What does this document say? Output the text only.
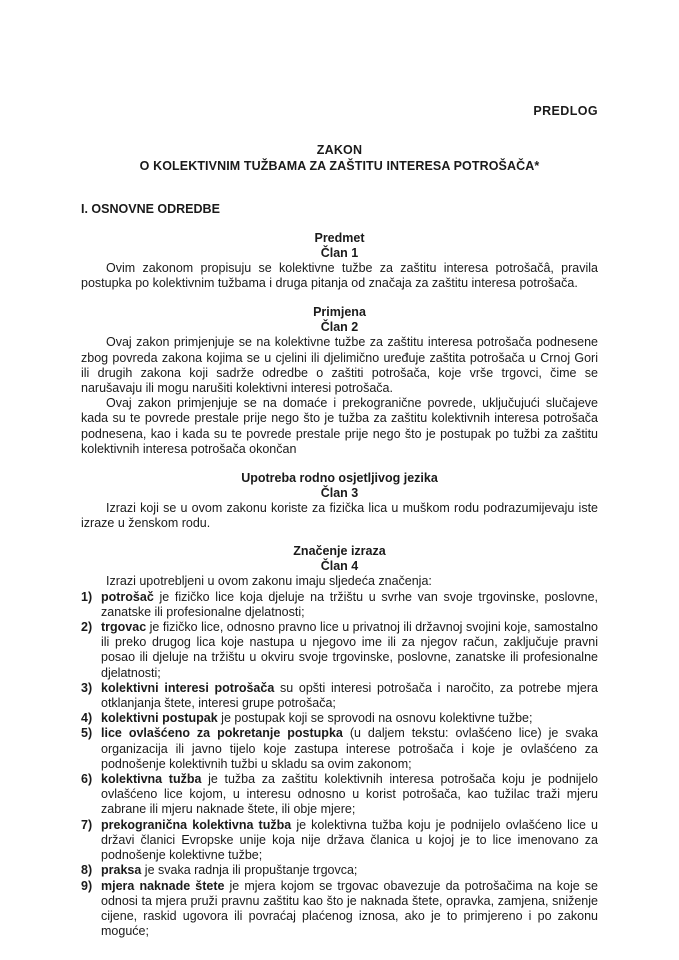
PREDLOG
ZAKON
O KOLEKTIVNIM TUŽBAMA ZA ZAŠTITU INTERESA POTROŠAČA*
I. OSNOVNE ODREDBE
Predmet
Član 1

Ovim zakonom propisuju se kolektivne tužbe za zaštitu interesa potrošačâ, pravila postupka po kolektivnim tužbama i druga pitanja od značaja za zaštitu interesa potrošača.

Primjena
Član 2

Ovaj zakon primjenjuje se na kolektivne tužbe za zaštitu interesa potrošača podnesene zbog povreda zakona kojima se u cjelini ili djelimično uređuje zaštita potrošača u Crnoj Gori ili drugih zakona koji sadrže odredbe o zaštiti potrošača, koje vrše trgovci, čime se narušavaju ili mogu narušiti kolektivni interesi potrošača.

Ovaj zakon primjenjuje se na domaće i prekogranične povrede, uključujući slučajeve kada su te povrede prestale prije nego što je tužba za zaštitu kolektivnih interesa potrošača podnesena, kao i kada su te povrede prestale prije nego što je postupak po tužbi za zaštitu kolektivnih interesa potrošača okončan

Upotreba rodno osjetljivog jezika
Član 3

Izrazi koji se u ovom zakonu koriste za fizička lica u muškom rodu podrazumijevaju iste izraze u ženskom rodu.

Značenje izraza
Član 4

Izrazi upotrebljeni u ovom zakonu imaju sljedeća značenja:

1) potrošač je fizičko lice koja djeluje na tržištu u svrhe van svoje trgovinske, poslovne, zanatske ili profesionalne djelatnosti;
2) trgovac je fizičko lice, odnosno pravno lice u privatnoj ili državnoj svojini koje, samostalno ili preko drugog lica koje nastupa u njegovo ime ili za njegov račun, zaključuje pravni posao ili djeluje na tržištu u okviru svoje trgovinske, poslovne, zanatske ili profesionalne djelatnosti;
3) kolektivni interesi potrošača su opšti interesi potrošača i naročito, za potrebe mjera otklanjanja štete, interesi grupe potrošača;
4) kolektivni postupak je postupak koji se sprovodi na osnovu kolektivne tužbe;
5) lice ovlašćeno za pokretanje postupka (u daljem tekstu: ovlašćeno lice) je svaka organizacija ili javno tijelo koje zastupa interese potrošača i koje je ovlašćeno za podnošenje kolektivnih tužbi u skladu sa ovim zakonom;
6) kolektivna tužba je tužba za zaštitu kolektivnih interesa potrošača koju je podnijelo ovlašćeno lice kojom, u interesu odnosno u korist potrošača, kao tužilac traži mjeru zabrane ili mjeru naknade štete, ili obje mjere;
7) prekogranična kolektivna tužba je kolektivna tužba koju je podnijelo ovlašćeno lice u državi članici Evropske unije koja nije država članica u kojoj je to lice imenovano za podnošenje kolektivne tužbe;
8) praksa je svaka radnja ili propuštanje trgovca;
9) mjera naknade štete je mjera kojom se trgovac obavezuje da potrošačima na koje se odnosi ta mjera pruži pravnu zaštitu kao što je naknada štete, opravka, zamjena, sniženje cijene, raskid ugovora ili povraćaj plaćenog iznosa, ako je to primjereno i po zakonu moguće;
